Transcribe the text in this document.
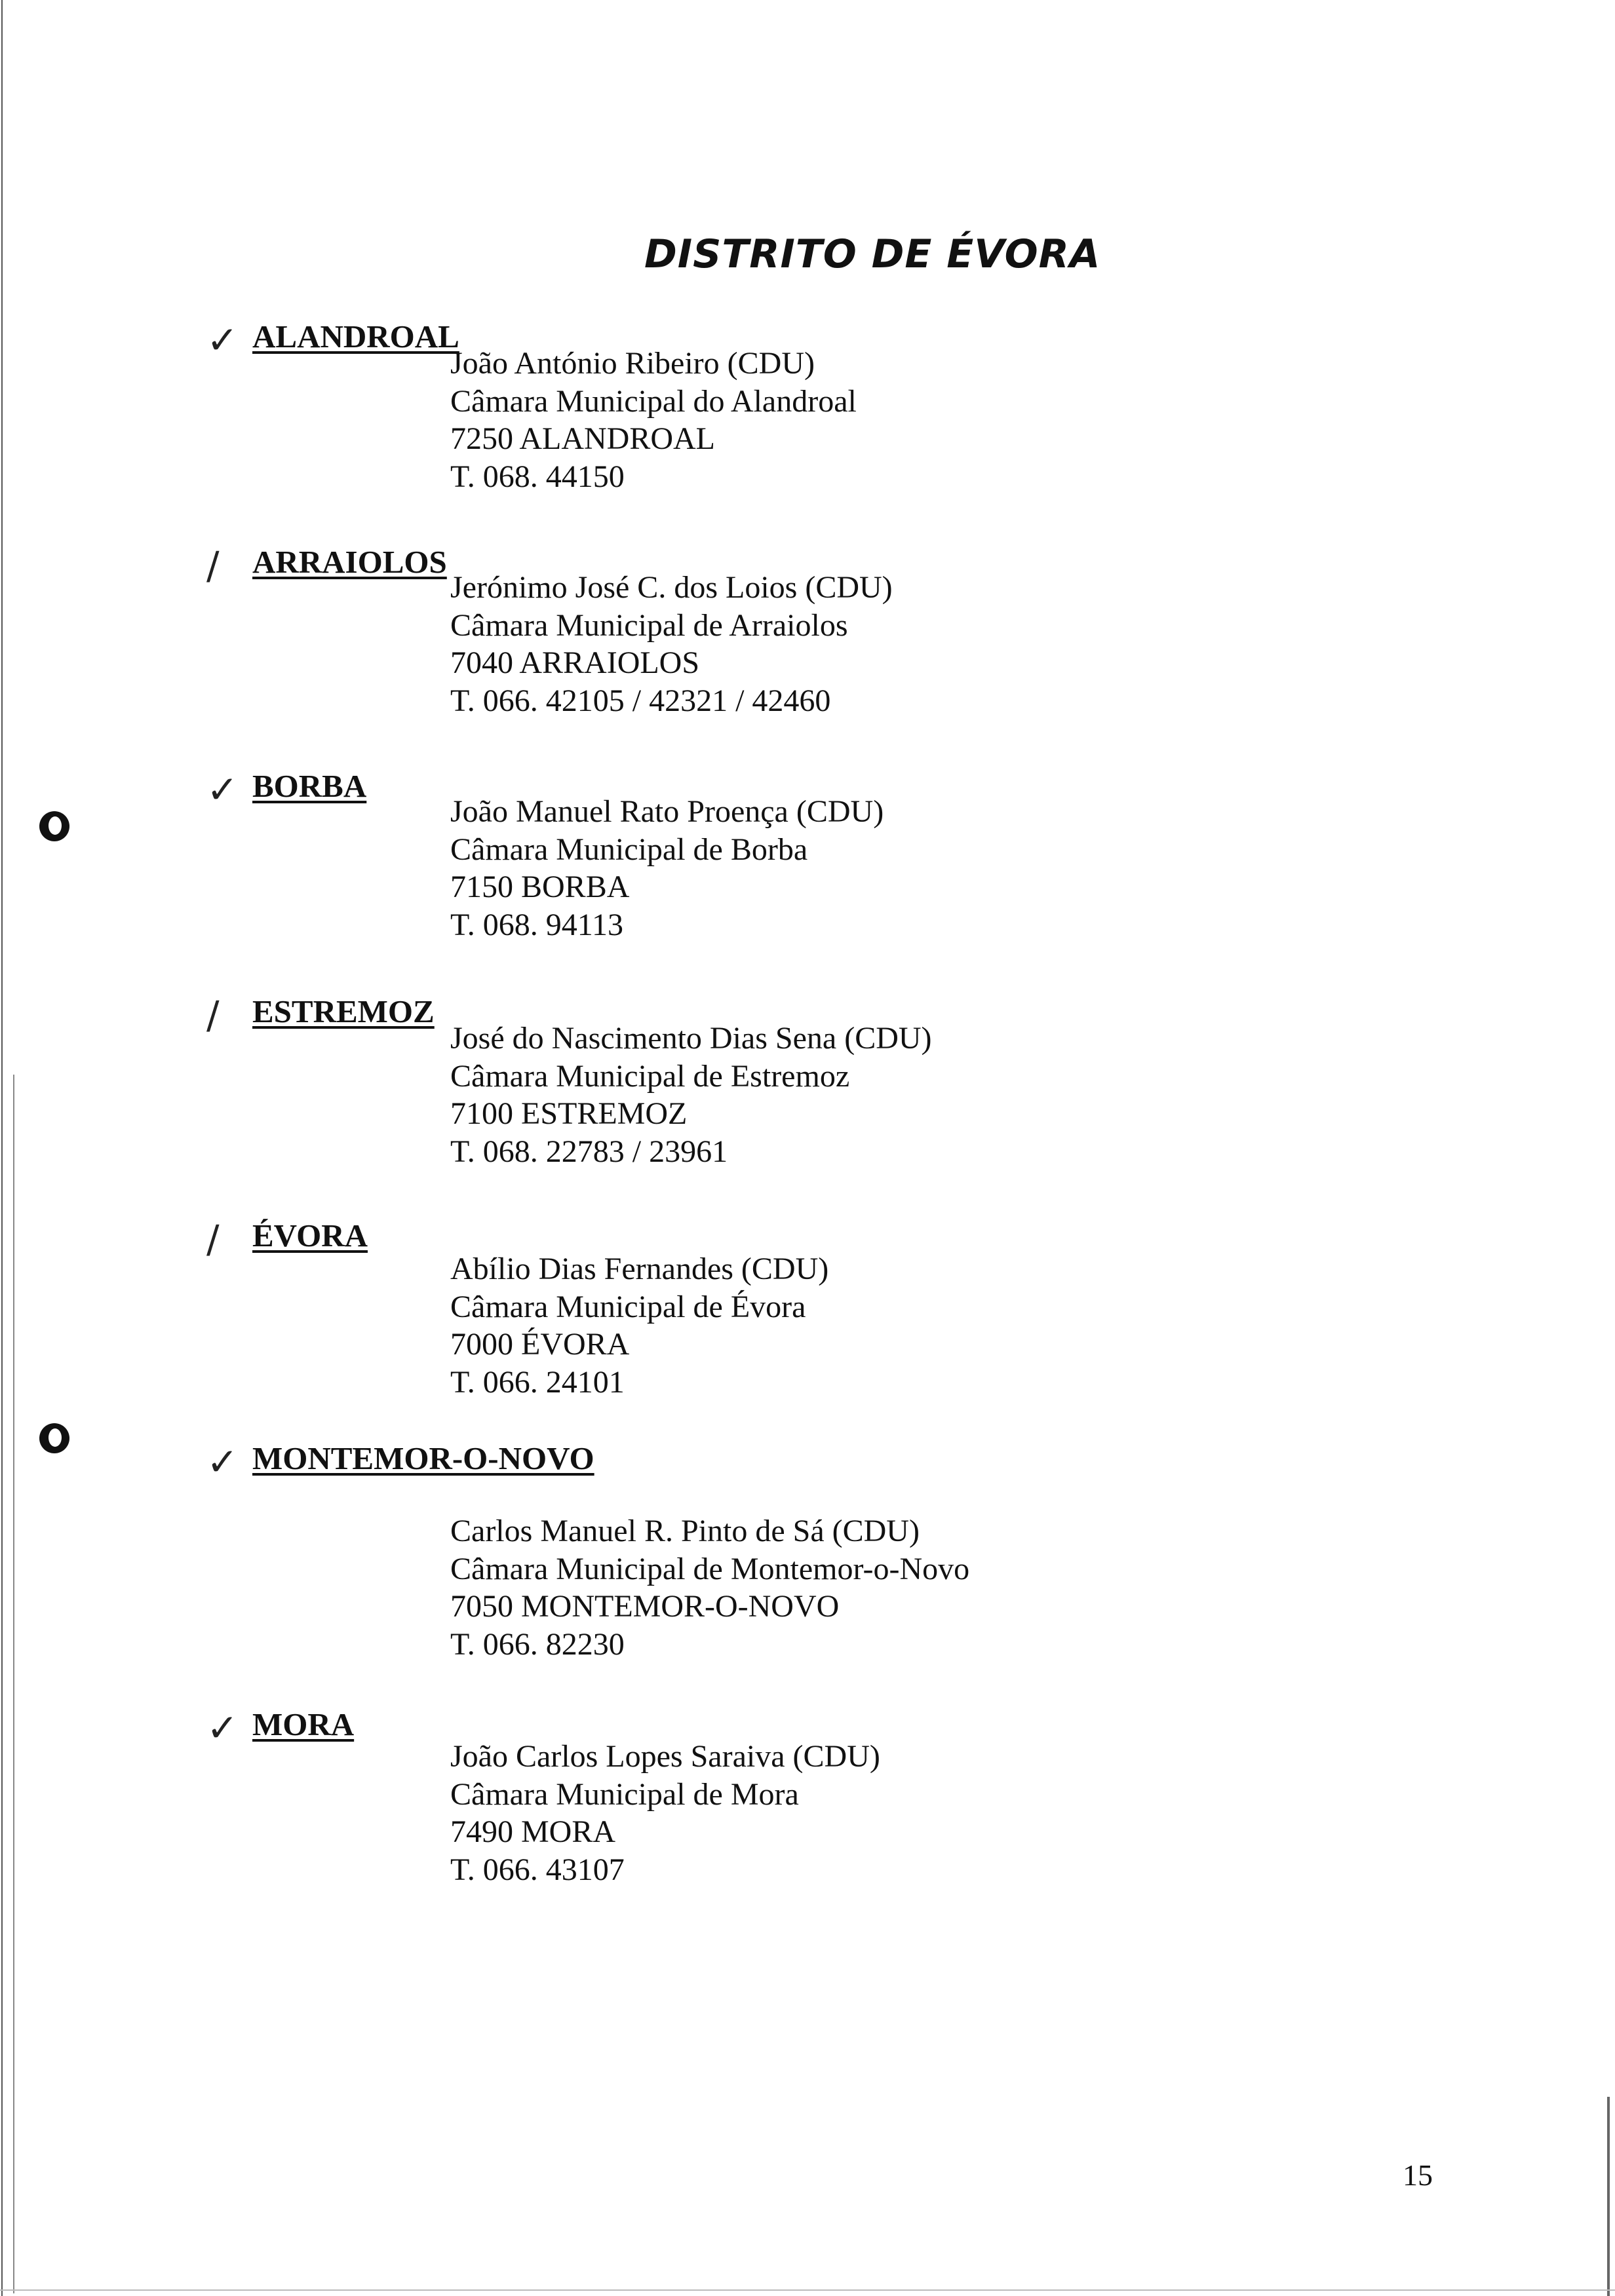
DISTRITO DE ÉVORA
✓ ALANDROAL
João António Ribeiro (CDU)
Câmara Municipal do Alandroal
7250 ALANDROAL
T. 068. 44150
/	ARRAIOLOS
Jerónimo José C. dos Loios (CDU)
Câmara Municipal de Arraiolos
7040 ARRAIOLOS
T. 066. 42105 / 42321 / 42460
✓ BORBA
João Manuel Rato Proença (CDU)
Câmara Municipal de Borba
7150 BORBA
T. 068. 94113
/	ESTREMOZ
José do Nascimento Dias Sena (CDU)
Câmara Municipal de Estremoz
7100 ESTREMOZ
T. 068. 22783 / 23961
/	ÉVORA
Abílio Dias Fernandes (CDU)
Câmara Municipal de Évora
7000 ÉVORA
T. 066. 24101
✓ MONTEMOR-O-NOVO
Carlos Manuel R. Pinto de Sá (CDU)
Câmara Municipal de Montemor-o-Novo
7050 MONTEMOR-O-NOVO
T. 066. 82230
✓ MORA
João Carlos Lopes Saraiva (CDU)
Câmara Municipal de Mora
7490 MORA
T. 066. 43107
15
